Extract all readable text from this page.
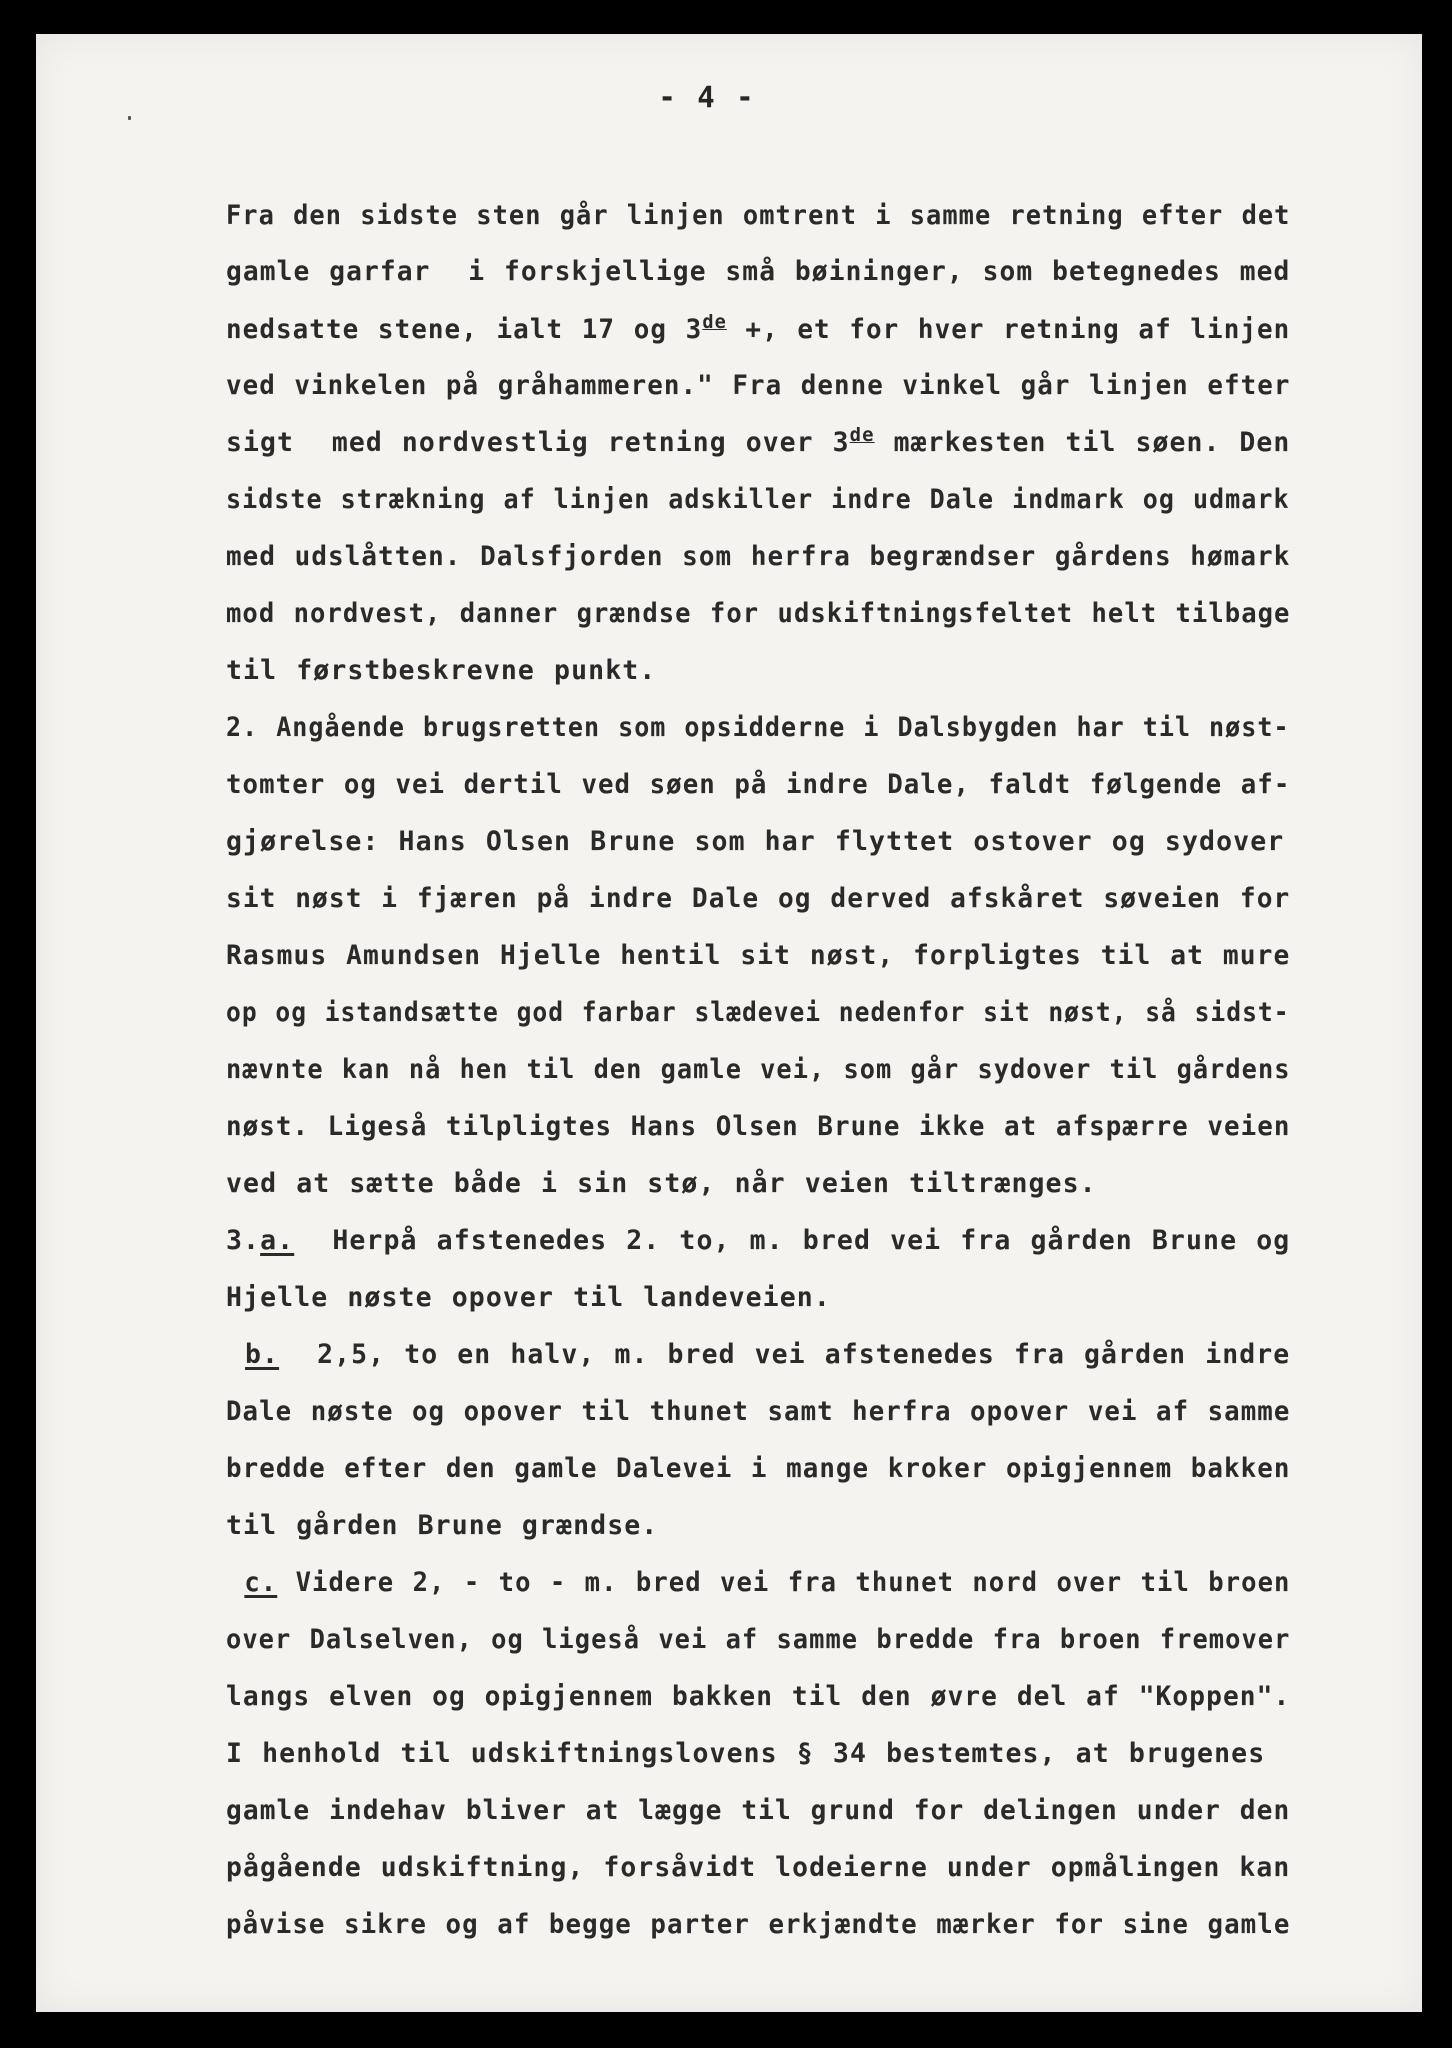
- 4 -
Fra den sidste sten går linjen omtrent i samme retning efter det
gamle garfar  i forskjellige små bøininger, som betegnedes med
nedsatte stene, ialt 17 og 3de +, et for hver retning af linjen
ved vinkelen på gråhammeren." Fra denne vinkel går linjen efter
sigt  med nordvestlig retning over 3de mærkesten til søen. Den
sidste strækning af linjen adskiller indre Dale indmark og udmark
med udslåtten. Dalsfjorden som herfra begrændser gårdens hømark
mod nordvest, danner grændse for udskiftningsfeltet helt tilbage
til førstbeskrevne punkt.
2. Angående brugsretten som opsidderne i Dalsbygden har til nøst-
tomter og vei dertil ved søen på indre Dale, faldt følgende af-
gjørelse: Hans Olsen Brune som har flyttet ostover og sydover
sit nøst i fjæren på indre Dale og derved afskåret søveien for
Rasmus Amundsen Hjelle hentil sit nøst, forpligtes til at mure
op og istandsætte god farbar slædevei nedenfor sit nøst, så sidst-
nævnte kan nå hen til den gamle vei, som går sydover til gårdens
nøst. Ligeså tilpligtes Hans Olsen Brune ikke at afspærre veien
ved at sætte både i sin stø, når veien tiltrænges.
3.a.  Herpå afstenedes 2. to, m. bred vei fra gården Brune og
Hjelle nøste opover til landeveien.
b.  2,5, to en halv, m. bred vei afstenedes fra gården indre
Dale nøste og opover til thunet samt herfra opover vei af samme
bredde efter den gamle Dalevei i mange kroker opigjennem bakken
til gården Brune grændse.
c. Videre 2, - to - m. bred vei fra thunet nord over til broen
over Dalselven, og ligeså vei af samme bredde fra broen fremover
langs elven og opigjennem bakken til den øvre del af "Koppen".
I henhold til udskiftningslovens § 34 bestemtes, at brugenes
gamle indehav bliver at lægge til grund for delingen under den
pågående udskiftning, forsåvidt lodeierne under opmålingen kan
påvise sikre og af begge parter erkjændte mærker for sine gamle
